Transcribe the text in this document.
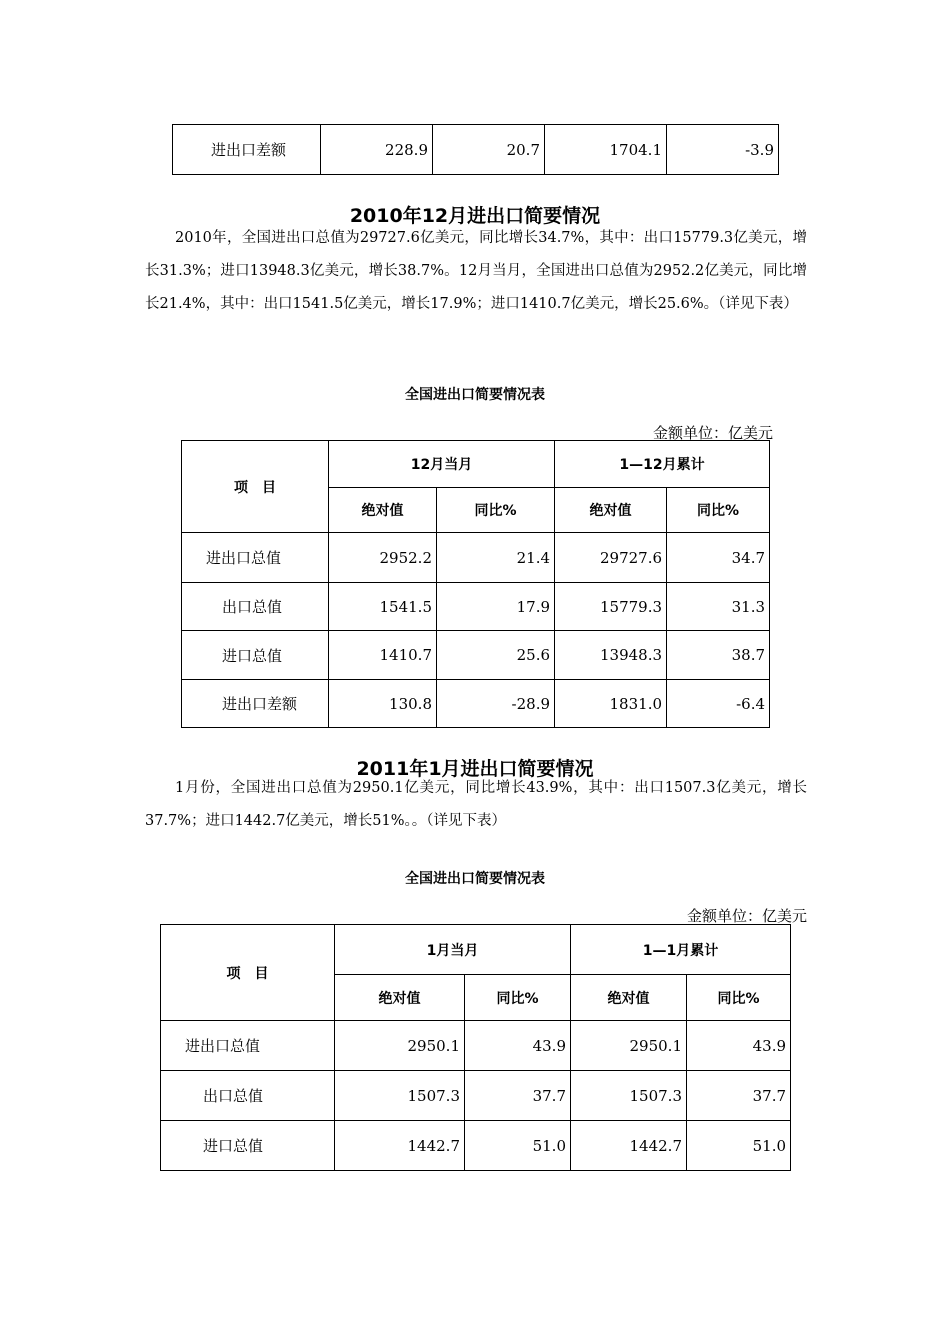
进出口差额	228.9	20.7	1704.1	-3.9
2010年12月进出口简要情况
2010年，全国进出口总值为29727.6亿美元，同比增长34.7%，其中：出口15779.3亿美元，增长31.3%；进口13948.3亿美元，增长38.7%。12月当月，全国进出口总值为2952.2亿美元，同比增长21.4%，其中：出口1541.5亿美元，增长17.9%；进口1410.7亿美元，增长25.6%。（详见下表）
全国进出口简要情况表
金额单位：亿美元
项　目	12月当月		1—12月累计	
	绝对值	同比%	绝对值	同比%
进出口总值	2952.2	21.4	29727.6	34.7
出口总值	1541.5	17.9	15779.3	31.3
进口总值	1410.7	25.6	13948.3	38.7
进出口差额	130.8	-28.9	1831.0	-6.4
2011年1月进出口简要情况
1月份，全国进出口总值为2950.1亿美元，同比增长43.9%，其中：出口1507.3亿美元，增长37.7%；进口1442.7亿美元，增长51%。。（详见下表）
全国进出口简要情况表
金额单位：亿美元
项　目	1月当月		1—1月累计	
	绝对值	同比%	绝对值	同比%
进出口总值	2950.1	43.9	2950.1	43.9
出口总值	1507.3	37.7	1507.3	37.7
进口总值	1442.7	51.0	1442.7	51.0
